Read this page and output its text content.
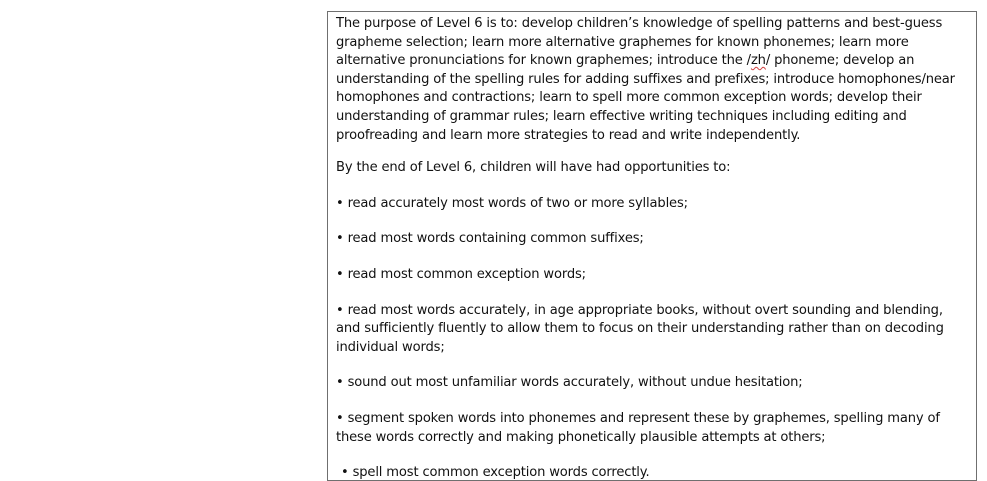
The purpose of Level 6 is to: develop children’s knowledge of spelling patterns and best-guess grapheme selection; learn more alternative graphemes for known phonemes; learn more alternative pronunciations for known graphemes; introduce the /zh/ phoneme; develop an understanding of the spelling rules for adding suffixes and prefixes; introduce homophones/near homophones and contractions; learn to spell more common exception words; develop their understanding of grammar rules; learn effective writing techniques including editing and proofreading and learn more strategies to read and write independently.

By the end of Level 6, children will have had opportunities to:

• read accurately most words of two or more syllables;

• read most words containing common suffixes;

• read most common exception words;

• read most words accurately, in age appropriate books, without overt sounding and blending, and sufficiently fluently to allow them to focus on their understanding rather than on decoding individual words;

• sound out most unfamiliar words accurately, without undue hesitation;

• segment spoken words into phonemes and represent these by graphemes, spelling many of these words correctly and making phonetically plausible attempts at others;

• spell most common exception words correctly.
